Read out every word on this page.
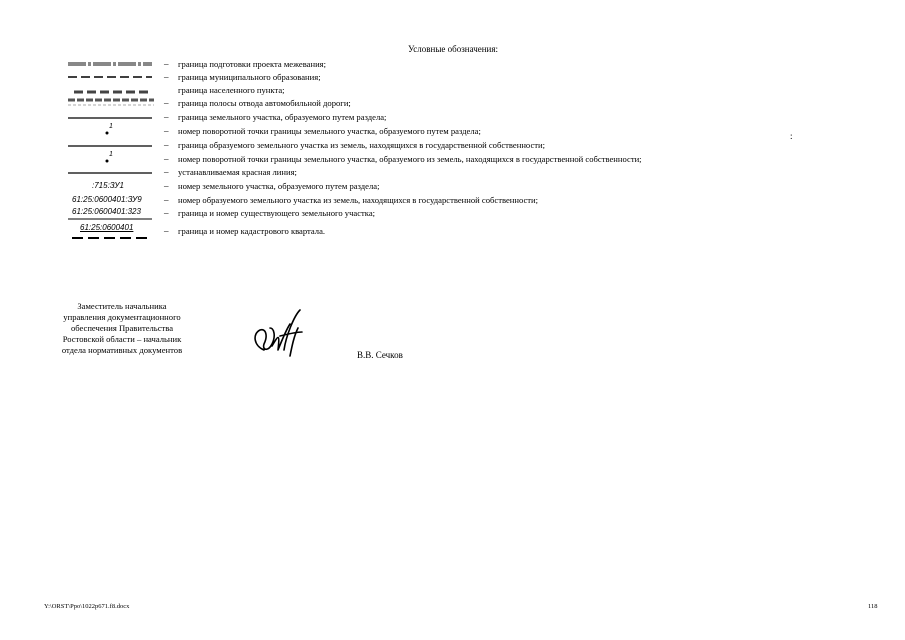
Условные обозначения:
– граница подготовки проекта межевания;
– граница муниципального образования;
граница населенного пункта;
– граница полосы отвода автомобильной дороги;
– граница земельного участка, образуемого путем раздела;
1	– номер поворотной точки границы земельного участка, образуемого путем раздела;
– граница образуемого земельного участка из земель, находящихся в государственной собственности;
1	– номер поворотной точки границы земельного участка, образуемого из земель, находящихся в государственной собственности;
– устанавливаемая красная линия;
:715:ЗУ1	– номер земельного участка, образуемого путем раздела;
61:25:0600401:ЗУ9 – номер образуемого земельного участка из земель, находящихся в государственной собственности;
61:25:0600401:323	– граница и номер существующего земельного участка;
61:25:0600401	– граница и номер кадастрового квартала.
:
Заместитель начальника
управления документационного
обеспечения Правительства
Ростовской области – начальник
отдела нормативных документов	В.В. Сечков
Y:\ORST\Ppo\1022p671.f8.docx	118
